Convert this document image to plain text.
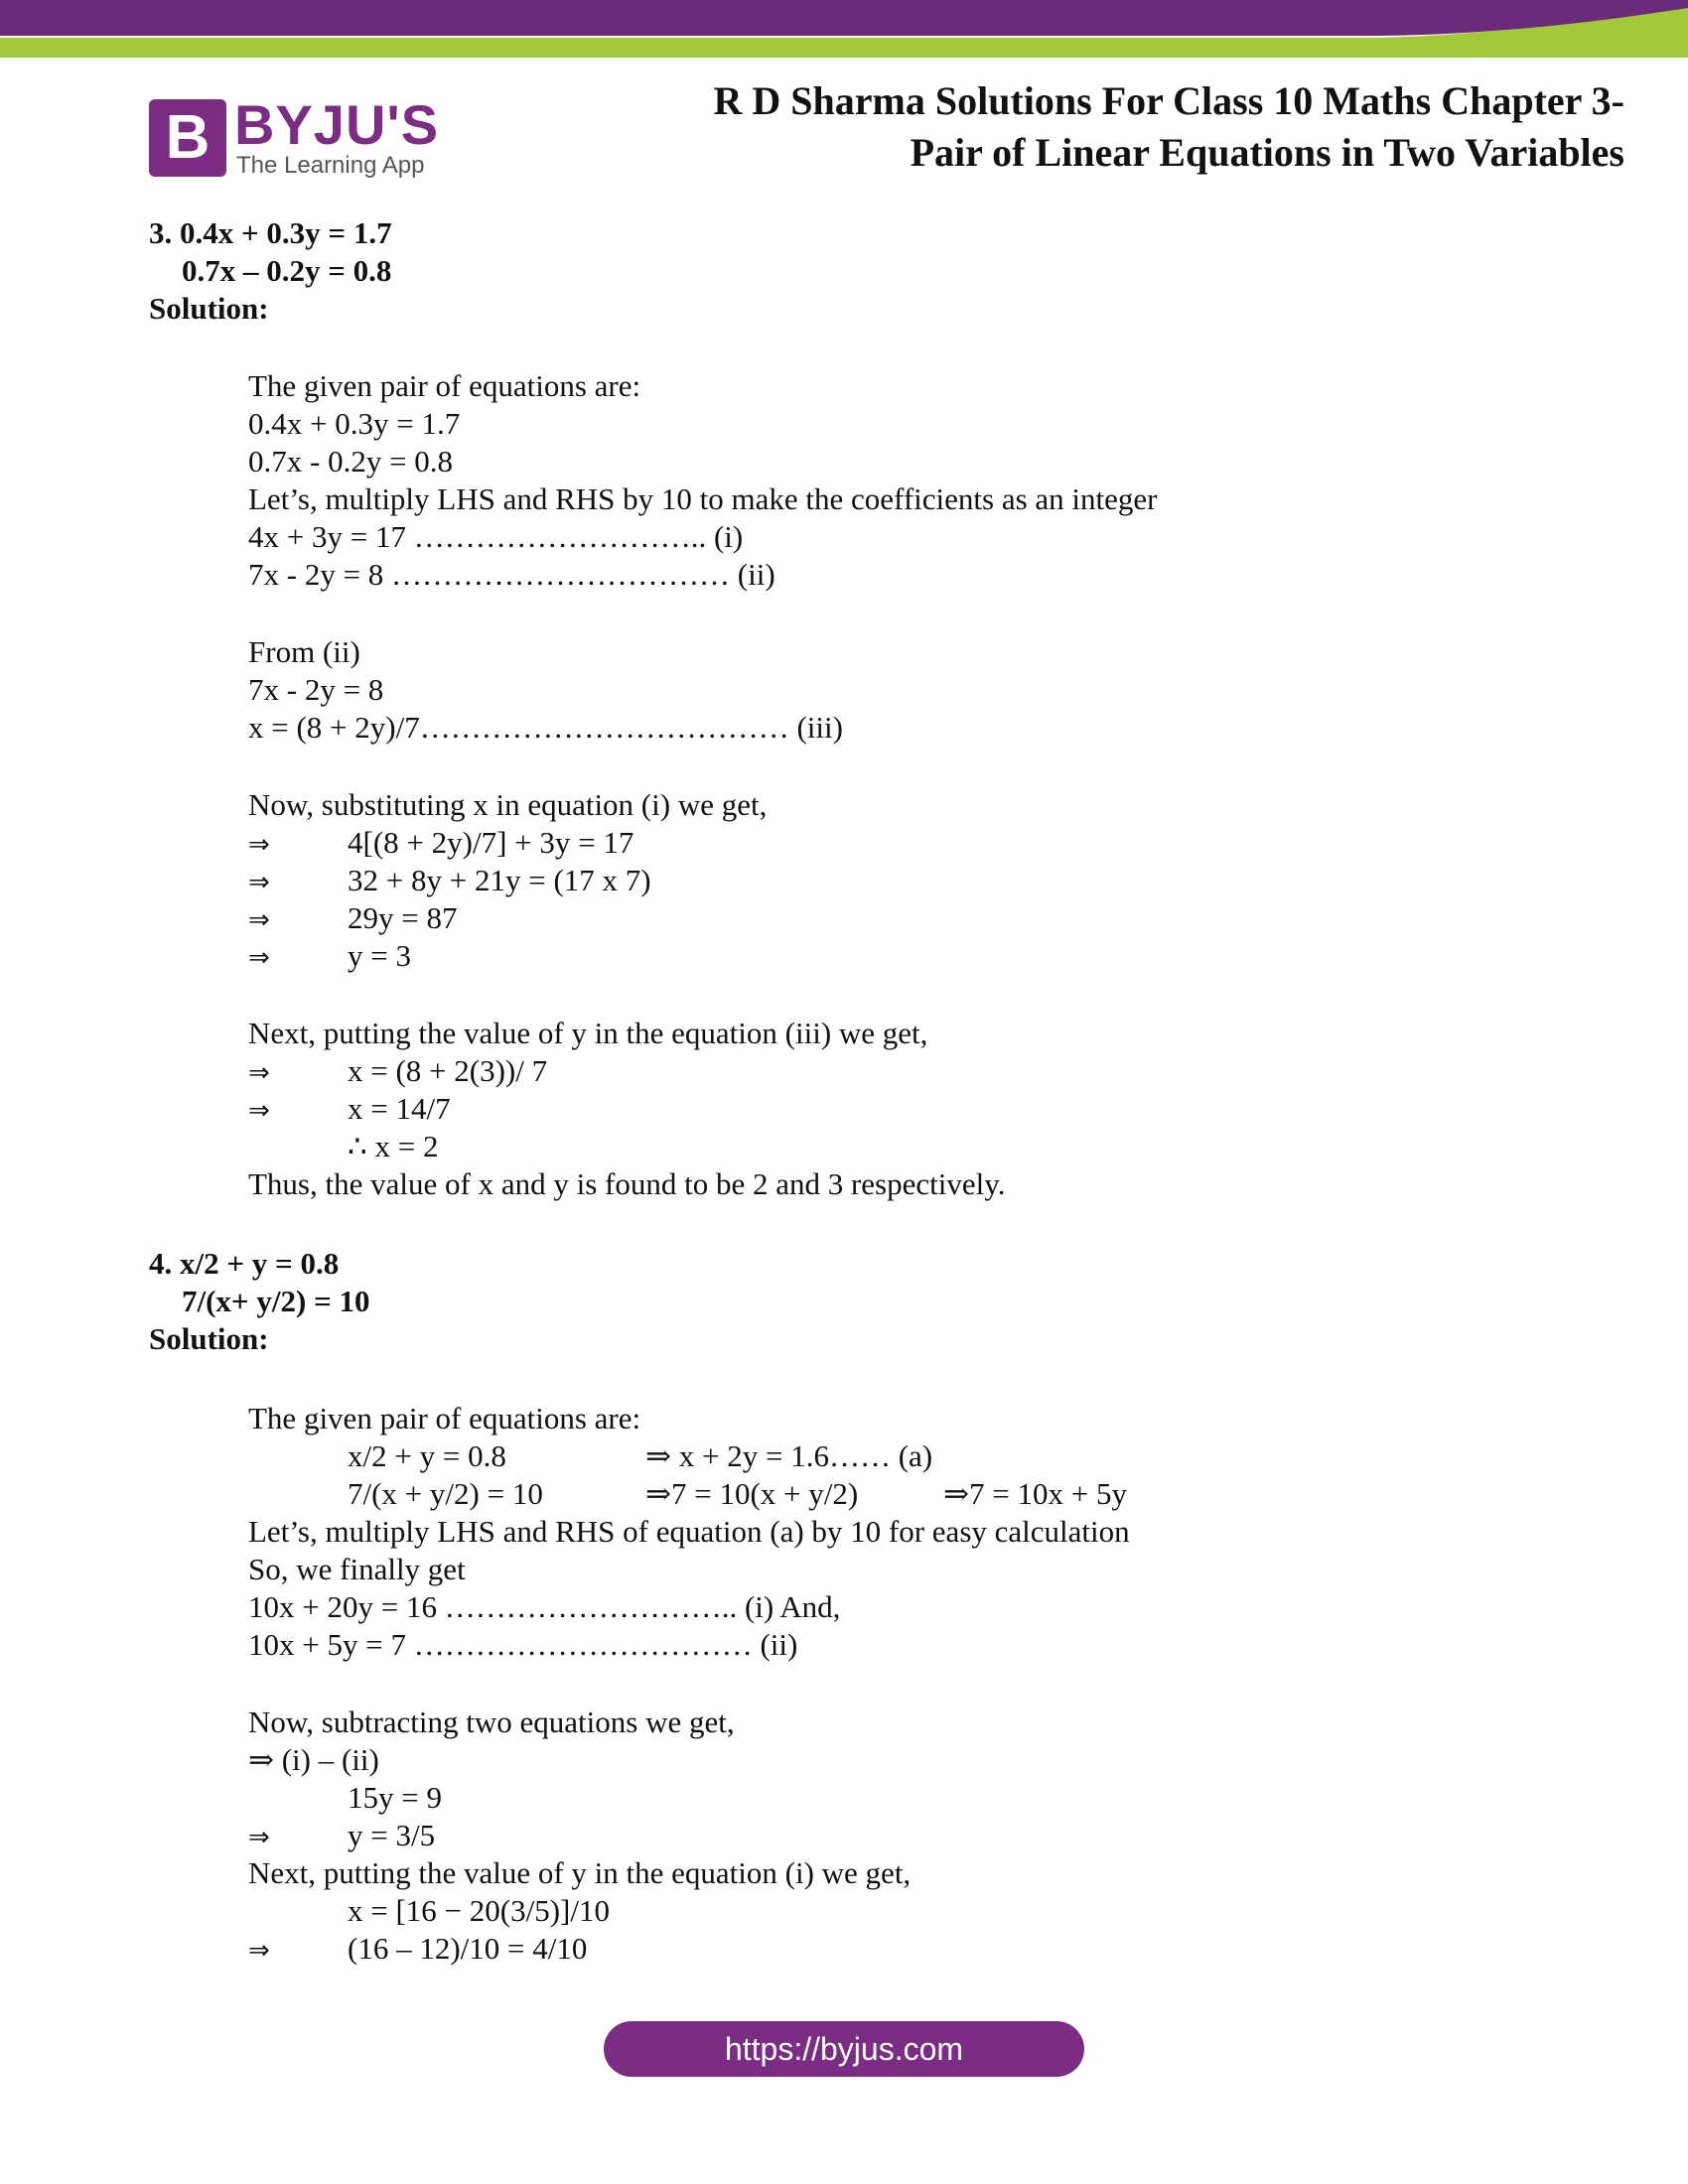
B BYJU'S
The Learning App
R D Sharma Solutions For Class 10 Maths Chapter 3-
Pair of Linear Equations in Two Variables
3. 0.4x + 0.3y = 1.7
0.7x – 0.2y = 0.8
Solution:
The given pair of equations are:
0.4x + 0.3y = 1.7
0.7x - 0.2y = 0.8
Let’s, multiply LHS and RHS by 10 to make the coefficients as an integer
4x + 3y = 17 ……………………….. (i)
7x - 2y = 8 …………………………… (ii)
From (ii)
7x - 2y = 8
x = (8 + 2y)/7……………………………… (iii)
Now, substituting x in equation (i) we get,
⇒	4[(8 + 2y)/7] + 3y = 17
⇒	32 + 8y + 21y = (17 x 7)
⇒	29y = 87
⇒	y = 3
Next, putting the value of y in the equation (iii) we get,
⇒	x = (8 + 2(3))/ 7
⇒	x = 14/7
∴ x = 2
Thus, the value of x and y is found to be 2 and 3 respectively.
4. x/2 + y = 0.8
7/(x+ y/2) = 10
Solution:
The given pair of equations are:
x/2 + y = 0.8	⇒ x + 2y = 1.6…… (a)
7/(x + y/2) = 10	⇒7 = 10(x + y/2)	⇒7 = 10x + 5y
Let’s, multiply LHS and RHS of equation (a) by 10 for easy calculation
So, we finally get
10x + 20y = 16 ……………………….. (i) And,
10x + 5y = 7 …………………………… (ii)
Now, subtracting two equations we get,
⇒ (i) – (ii)
15y = 9
⇒	y = 3/5
Next, putting the value of y in the equation (i) we get,
x = [16 − 20(3/5)]/10
⇒	(16 – 12)/10 = 4/10
https://byjus.com
